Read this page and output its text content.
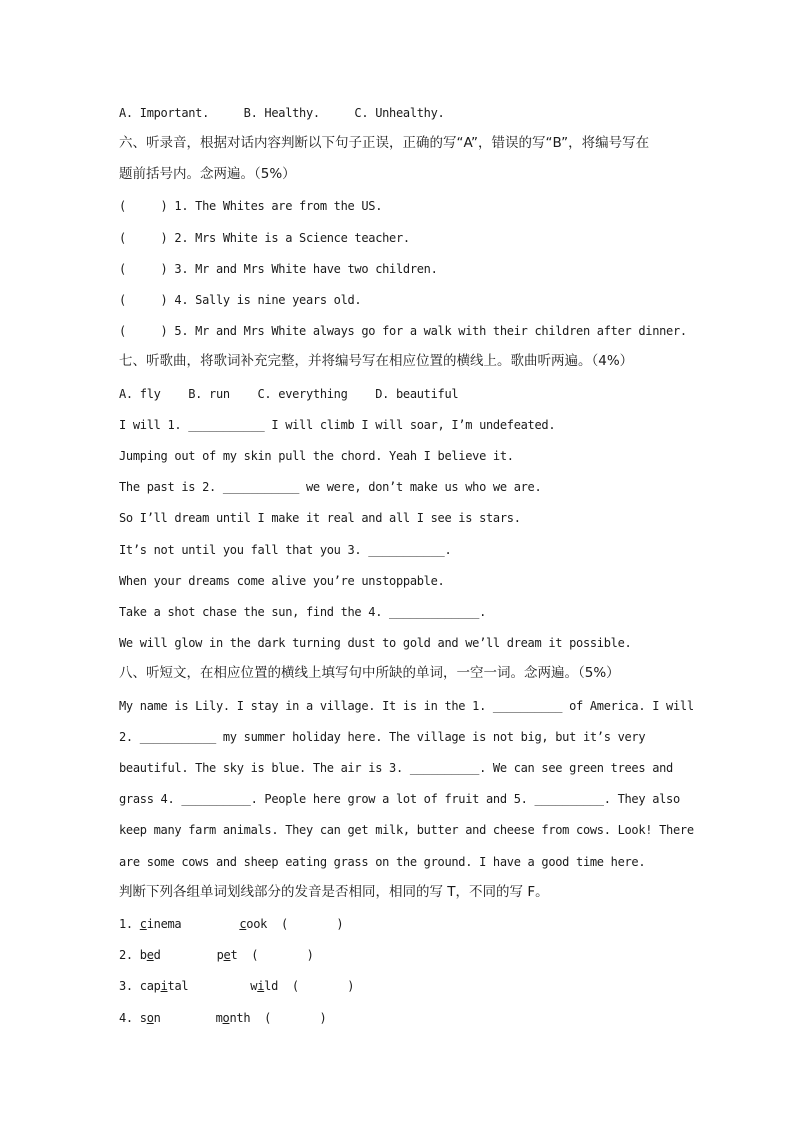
A. Important.     B. Healthy.     C. Unhealthy.
六、听录音，根据对话内容判断以下句子正误，正确的写“A”，错误的写“B”，将编号写在
题前括号内。念两遍。（5%）
(     ) 1. The Whites are from the US.
(     ) 2. Mrs White is a Science teacher.
(     ) 3. Mr and Mrs White have two children.
(     ) 4. Sally is nine years old.
(     ) 5. Mr and Mrs White always go for a walk with their children after dinner.
七、听歌曲，将歌词补充完整，并将编号写在相应位置的横线上。歌曲听两遍。（4%）
A. fly    B. run    C. everything    D. beautiful
I will 1. ___________ I will climb I will soar, I’m undefeated.
Jumping out of my skin pull the chord. Yeah I believe it.
The past is 2. ___________ we were, don’t make us who we are.
So I’ll dream until I make it real and all I see is stars.
It’s not until you fall that you 3. ___________.
When your dreams come alive you’re unstoppable.
Take a shot chase the sun, find the 4. _____________.
We will glow in the dark turning dust to gold and we’ll dream it possible.
八、听短文，在相应位置的横线上填写句中所缺的单词，一空一词。念两遍。（5%）
My name is Lily. I stay in a village. It is in the 1. __________ of America. I will
2. ___________ my summer holiday here. The village is not big, but it’s very
beautiful. The sky is blue. The air is 3. __________. We can see green trees and
grass 4. __________. People here grow a lot of fruit and 5. __________. They also
keep many farm animals. They can get milk, butter and cheese from cows. Look! There
are some cows and sheep eating grass on the ground. I have a good time here.
判断下列各组单词划线部分的发音是否相同，相同的写 T，不同的写 F。
1. cinema	cook (       )
2. bed	pet (       )
3. capital	wild (       )
4. son	month (       )
